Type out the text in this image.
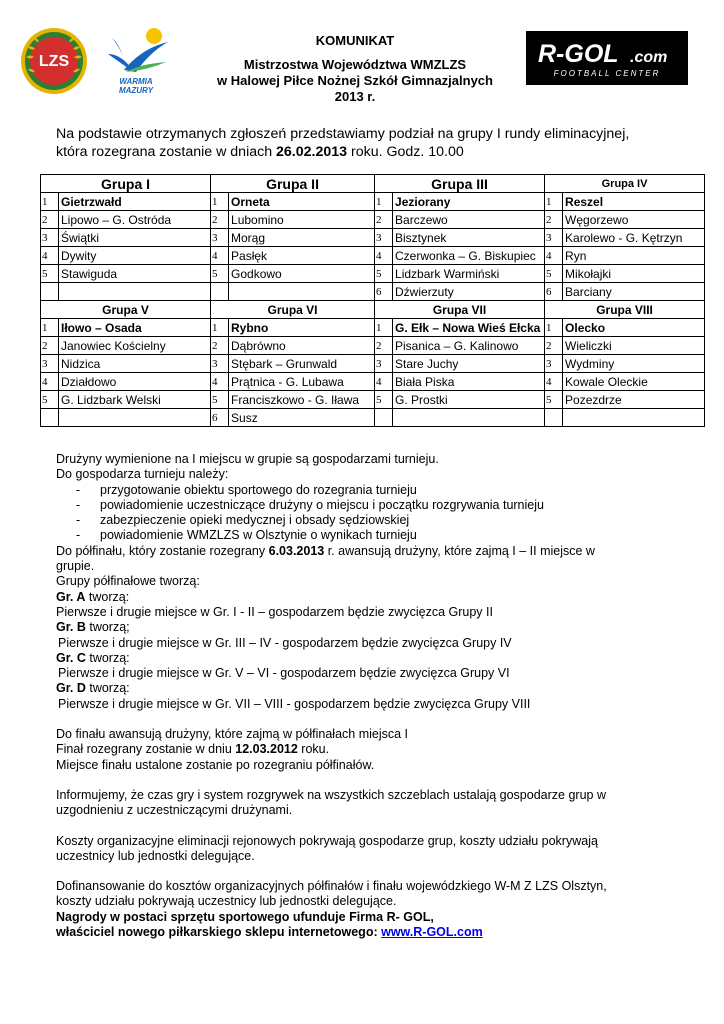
LZS
WARMIA
MAZURY
R-GOL .com
FOOTBALL CENTER
KOMUNIKAT
Mistrzostwa Województwa WMZLZS
w Halowej Piłce Nożnej Szkół Gimnazjalnych
2013 r.
Na podstawie otrzymanych zgłoszeń przedstawiamy podział na grupy I rundy eliminacyjnej,
która rozegrana zostanie w dniach 26.02.2013 roku. Godz. 10.00
Grupa I		Grupa II		Grupa III		Grupa IV	
1	Gietrzwałd	1	Orneta	1	Jeziorany	1	Reszel
2	Lipowo – G. Ostróda	2	Lubomino	2	Barczewo	2	Węgorzewo
3	Świątki	3	Morąg	3	Bisztynek	3	Karolewo - G. Kętrzyn
4	Dywity	4	Pasłęk	4	Czerwonka – G. Biskupiec	4	Ryn
5	Stawiguda	5	Godkowo	5	Lidzbark Warmiński	5	Mikołajki
				6	Dźwierzuty	6	Barciany
Grupa V		Grupa VI		Grupa VII		Grupa VIII	
1	Iłowo – Osada	1	Rybno	1	G. Ełk – Nowa Wieś Ełcka	1	Olecko
2	Janowiec Kościelny	2	Dąbrówno	2	Pisanica – G. Kalinowo	2	Wieliczki
3	Nidzica	3	Stębark – Grunwald	3	Stare Juchy	3	Wydminy
4	Działdowo	4	Prątnica - G. Lubawa	4	Biała Piska	4	Kowale Oleckie
5	G. Lidzbark Welski	5	Franciszkowo - G. Iława	5	G. Prostki	5	Pozezdrze
		6	Susz				

Drużyny wymienione na I miejscu w grupie są gospodarzami turnieju.

Do gospodarza turnieju należy:

- przygotowanie obiektu sportowego do rozegrania turnieju
- powiadomienie uczestniczące drużyny o miejscu i początku rozgrywania turnieju
- zabezpieczenie opieki medycznej i obsady sędziowskiej
- powiadomienie WMZLZS w Olsztynie o wynikach turnieju

Do półfinału, który zostanie rozegrany 6.03.2013 r. awansują drużyny, które zajmą I – II miejsce w

grupie.

Grupy półfinałowe tworzą:

Gr. A tworzą:

Pierwsze i drugie miejsce w Gr. I - II – gospodarzem będzie zwycięzca Grupy II

Gr. B tworzą;

Pierwsze i drugie miejsce w Gr. III – IV - gospodarzem będzie zwycięzca Grupy IV

Gr. C tworzą:

Pierwsze i drugie miejsce w Gr. V – VI - gospodarzem będzie zwycięzca Grupy VI

Gr. D tworzą:

Pierwsze i drugie miejsce w Gr. VII – VIII - gospodarzem będzie zwycięzca Grupy VIII

Do finału awansują drużyny, które zajmą w półfinałach miejsca I

Finał rozegrany zostanie w dniu 12.03.2012 roku.

Miejsce finału ustalone zostanie po rozegraniu półfinałów.

Informujemy, że czas gry i system rozgrywek na wszystkich szczeblach ustalają gospodarze grup w

uzgodnieniu z uczestniczącymi drużynami.

Koszty organizacyjne eliminacji rejonowych pokrywają gospodarze grup, koszty udziału pokrywają

uczestnicy lub jednostki delegujące.

Dofinansowanie do kosztów organizacyjnych półfinałów i finału wojewódzkiego W-M Z LZS Olsztyn,

koszty udziału pokrywają uczestnicy lub jednostki delegujące.

Nagrody w postaci sprzętu sportowego ufunduje Firma R- GOL,

właściciel nowego piłkarskiego sklepu internetowego: www.R-GOL.com
